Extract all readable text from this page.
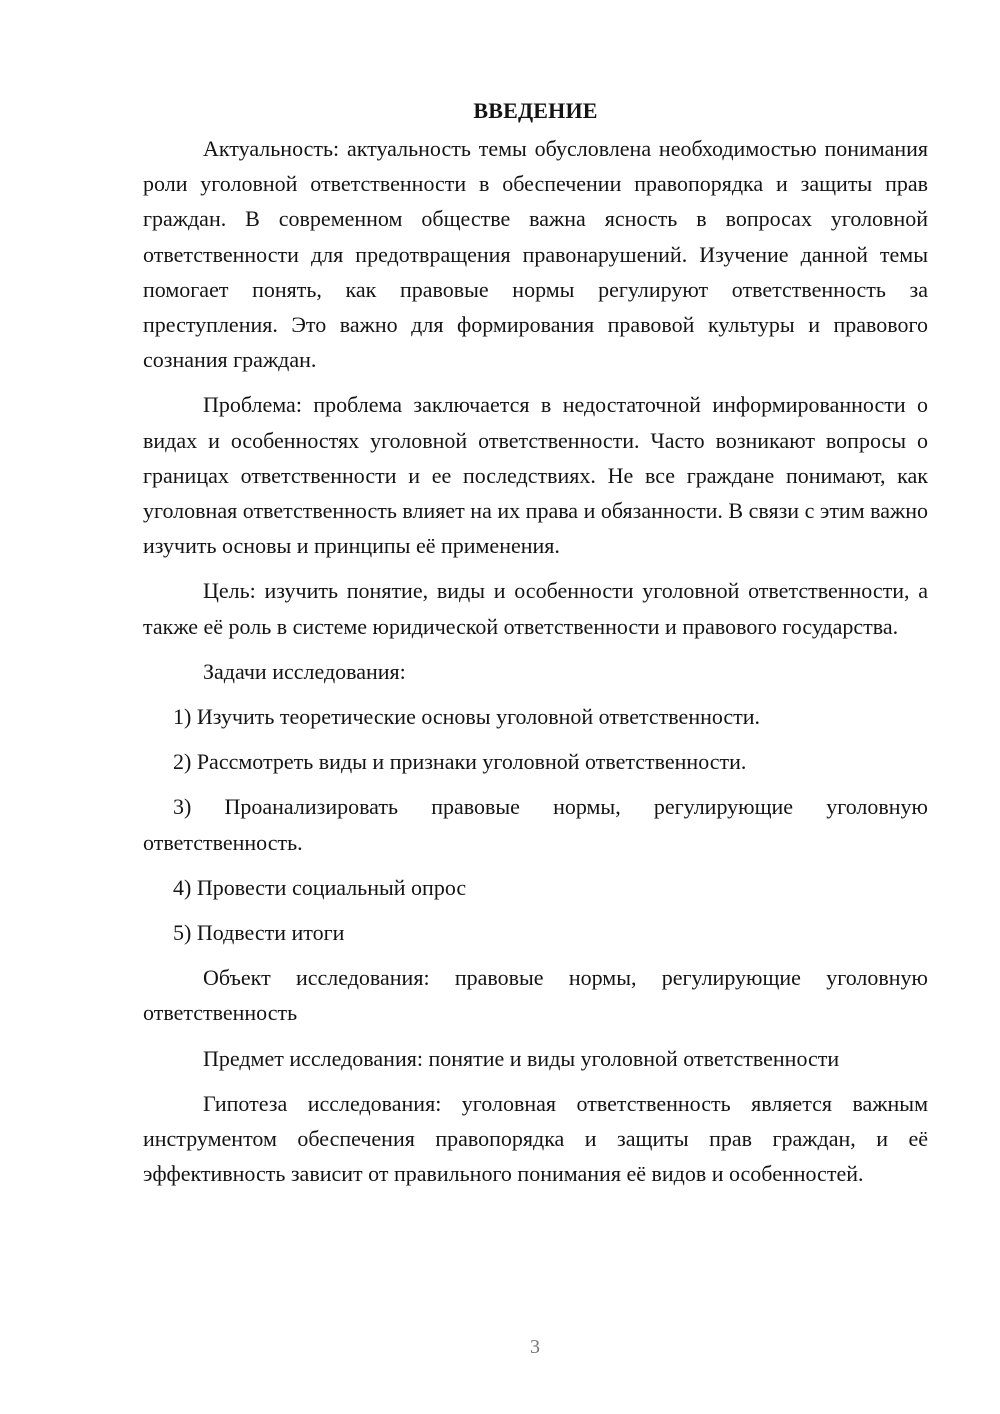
ВВЕДЕНИЕ

Актуальность: актуальность темы обусловлена необходимостью понимания роли уголовной ответственности в обеспечении правопорядка и защиты прав граждан. В современном обществе важна ясность в вопросах уголовной ответственности для предотвращения правонарушений. Изучение данной темы помогает понять, как правовые нормы регулируют ответственность за преступления. Это важно для формирования правовой культуры и правового сознания граждан.

Проблема: проблема заключается в недостаточной информированности о видах и особенностях уголовной ответственности. Часто возникают вопросы о границах ответственности и ее последствиях. Не все граждане понимают, как уголовная ответственность влияет на их права и обязанности. В связи с этим важно изучить основы и принципы её применения.

Цель: изучить понятие, виды и особенности уголовной ответственности, а также её роль в системе юридической ответственности и правового государства.

Задачи исследования:

1) Изучить теоретические основы уголовной ответственности.

2) Рассмотреть виды и признаки уголовной ответственности.

3) Проанализировать правовые нормы, регулирующие уголовную ответственность.

4) Провести социальный опрос

5) Подвести итоги

Объект исследования: правовые нормы, регулирующие уголовную ответственность

Предмет исследования: понятие и виды уголовной ответственности

Гипотеза исследования: уголовная ответственность является важным инструментом обеспечения правопорядка и защиты прав граждан, и её эффективность зависит от правильного понимания её видов и особенностей.

3
